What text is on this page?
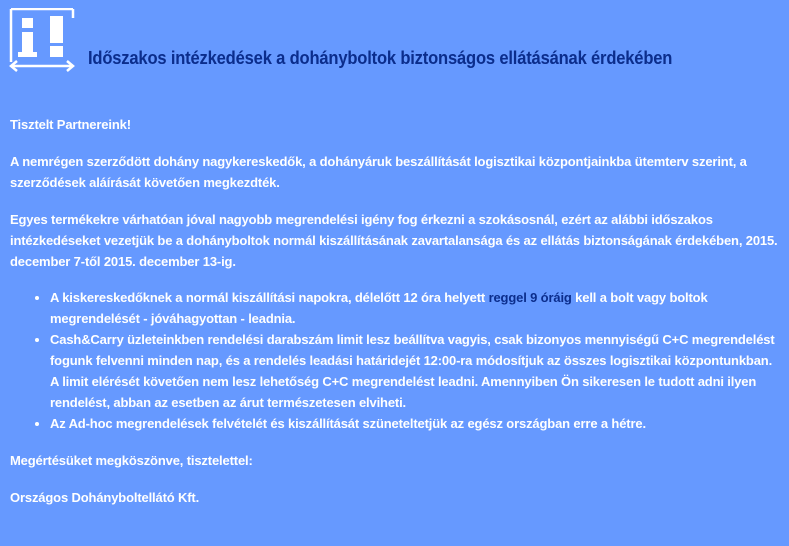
Időszakos intézkedések a dohányboltok biztonságos ellátásának érdekében

Tisztelt Partnereink!

A nemrégen szerződött dohány nagykereskedők, a dohányáruk beszállítását logisztikai központjainkba ütemterv szerint, a szerződések aláírását követően megkezdték.

Egyes termékekre várhatóan jóval nagyobb megrendelési igény fog érkezni a szokásosnál, ezért az alábbi időszakos intézkedéseket vezetjük be a dohányboltok normál kiszállításának zavartalansága és az ellátás biztonságának érdekében, 2015. december 7-től 2015. december 13-ig.

• A kiskereskedőknek a normál kiszállítási napokra, délelőtt 12 óra helyett reggel 9 óráig kell a bolt vagy boltok megrendelését - jóváhagyottan - leadnia.
• Cash&Carry üzleteinkben rendelési darabszám limit lesz beállítva vagyis, csak bizonyos mennyiségű C+C megrendelést fogunk felvenni minden nap, és a rendelés leadási határidejét 12:00-ra módosítjuk az összes logisztikai központunkban. A limit elérését követően nem lesz lehetőség C+C megrendelést leadni. Amennyiben Ön sikeresen le tudott adni ilyen rendelést, abban az esetben az árut természetesen elviheti.
• Az Ad-hoc megrendelések felvételét és kiszállítását szüneteltetjük az egész országban erre a hétre.

Megértésüket megköszönve, tisztelettel:

Országos Dohányboltellátó Kft.
